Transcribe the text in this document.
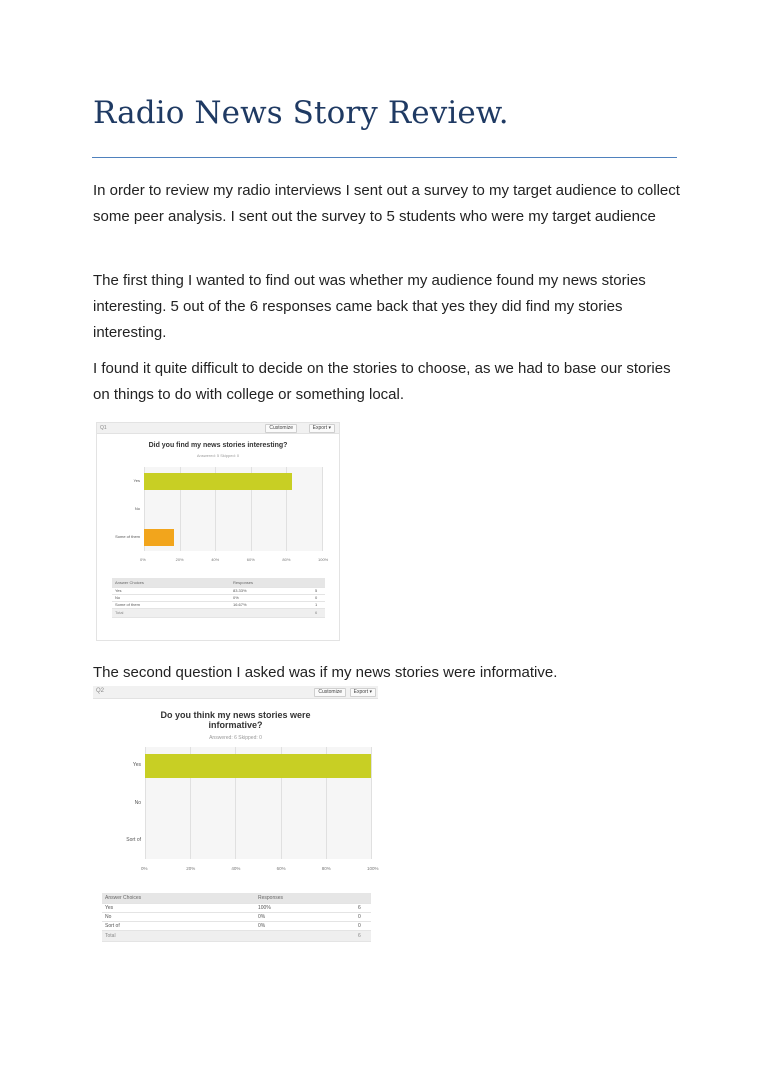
Radio News Story Review.

In order to review my radio interviews I sent out a survey to my target audience to collect some peer analysis. I sent out the survey to 5 students who were my target audience

The first thing I wanted to find out was whether my audience found my news stories interesting. 5 out of the 6 responses came back that yes they did find my stories interesting.

I found it quite difficult to decide on the stories to choose, as we had to base our stories on things to do with college or something local.

Q1	Customize	Export ▾
Did you find my news stories interesting?
Answered: 5 Skipped: 0
Answer Choices	Responses	
Yes	83.33%	5
No	0%	0
Some of them	16.67%	1
Total		6
0%	20%	40%	60%	80%	100%
Yes
No
Some of them

The second question I asked was if my news stories were informative.

Q2	Customize	Export ▾
Do you think my news stories were informative?
Answered: 6 Skipped: 0
Answer Choices	Responses	
Yes	100%	6
No	0%	0
Sort of	0%	0
Total		6
0%	20%	40%	60%	80%	100%
Yes
No
Sort of
